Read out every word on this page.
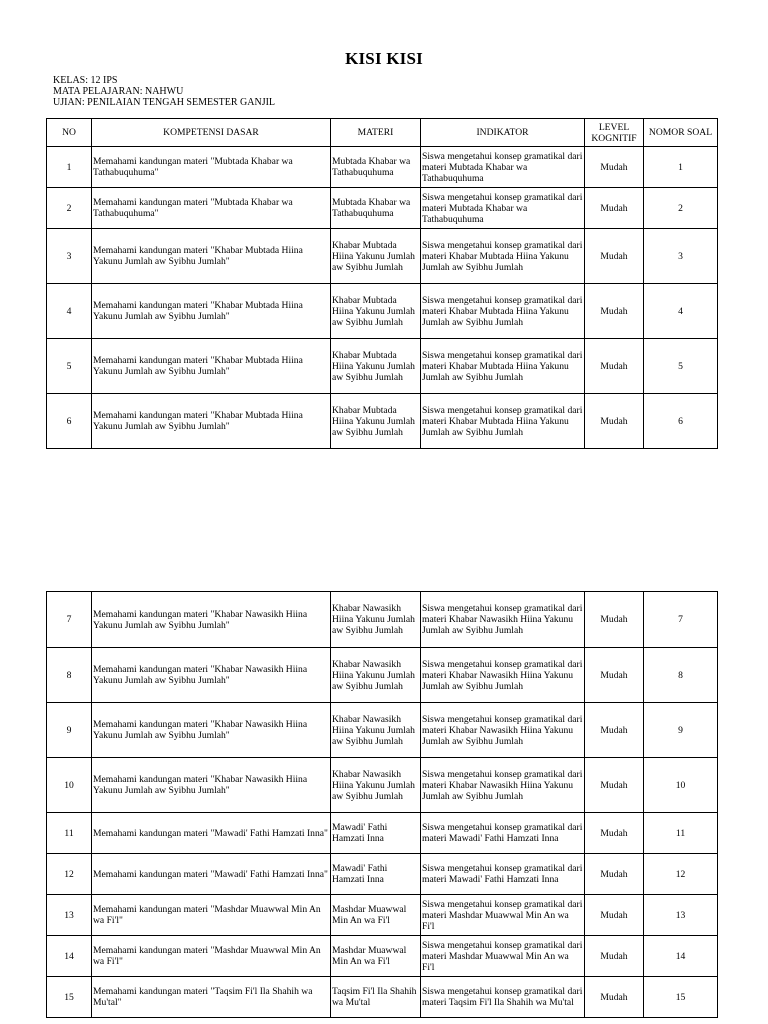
KISI KISI
KELAS: 12 IPS
MATA PELAJARAN: NAHWU
UJIAN: PENILAIAN TENGAH SEMESTER GANJIL
NO	KOMPETENSI DASAR	MATERI	INDIKATOR	LEVEL KOGNITIF	NOMOR SOAL
1	Memahami kandungan materi "Mubtada Khabar wa Tathabuquhuma"	Mubtada Khabar wa Tathabuquhuma	Siswa mengetahui konsep gramatikal dari materi Mubtada Khabar wa Tathabuquhuma	Mudah	1
2	Memahami kandungan materi "Mubtada Khabar wa Tathabuquhuma"	Mubtada Khabar wa Tathabuquhuma	Siswa mengetahui konsep gramatikal dari materi Mubtada Khabar wa Tathabuquhuma	Mudah	2
3	Memahami kandungan materi "Khabar Mubtada Hiina Yakunu Jumlah aw Syibhu Jumlah"	Khabar Mubtada Hiina Yakunu Jumlah aw Syibhu Jumlah	Siswa mengetahui konsep gramatikal dari materi Khabar Mubtada Hiina Yakunu Jumlah aw Syibhu Jumlah	Mudah	3
4	Memahami kandungan materi "Khabar Mubtada Hiina Yakunu Jumlah aw Syibhu Jumlah"	Khabar Mubtada Hiina Yakunu Jumlah aw Syibhu Jumlah	Siswa mengetahui konsep gramatikal dari materi Khabar Mubtada Hiina Yakunu Jumlah aw Syibhu Jumlah	Mudah	4
5	Memahami kandungan materi "Khabar Mubtada Hiina Yakunu Jumlah aw Syibhu Jumlah"	Khabar Mubtada Hiina Yakunu Jumlah aw Syibhu Jumlah	Siswa mengetahui konsep gramatikal dari materi Khabar Mubtada Hiina Yakunu Jumlah aw Syibhu Jumlah	Mudah	5
6	Memahami kandungan materi "Khabar Mubtada Hiina Yakunu Jumlah aw Syibhu Jumlah"	Khabar Mubtada Hiina Yakunu Jumlah aw Syibhu Jumlah	Siswa mengetahui konsep gramatikal dari materi Khabar Mubtada Hiina Yakunu Jumlah aw Syibhu Jumlah	Mudah	6
7	Memahami kandungan materi "Khabar Nawasikh Hiina Yakunu Jumlah aw Syibhu Jumlah"	Khabar Nawasikh Hiina Yakunu Jumlah aw Syibhu Jumlah	Siswa mengetahui konsep gramatikal dari materi Khabar Nawasikh Hiina Yakunu Jumlah aw Syibhu Jumlah	Mudah	7
8	Memahami kandungan materi "Khabar Nawasikh Hiina Yakunu Jumlah aw Syibhu Jumlah"	Khabar Nawasikh Hiina Yakunu Jumlah aw Syibhu Jumlah	Siswa mengetahui konsep gramatikal dari materi Khabar Nawasikh Hiina Yakunu Jumlah aw Syibhu Jumlah	Mudah	8
9	Memahami kandungan materi "Khabar Nawasikh Hiina Yakunu Jumlah aw Syibhu Jumlah"	Khabar Nawasikh Hiina Yakunu Jumlah aw Syibhu Jumlah	Siswa mengetahui konsep gramatikal dari materi Khabar Nawasikh Hiina Yakunu Jumlah aw Syibhu Jumlah	Mudah	9
10	Memahami kandungan materi "Khabar Nawasikh Hiina Yakunu Jumlah aw Syibhu Jumlah"	Khabar Nawasikh Hiina Yakunu Jumlah aw Syibhu Jumlah	Siswa mengetahui konsep gramatikal dari materi Khabar Nawasikh Hiina Yakunu Jumlah aw Syibhu Jumlah	Mudah	10
11	Memahami kandungan materi "Mawadi' Fathi Hamzati Inna"	Mawadi' Fathi Hamzati Inna	Siswa mengetahui konsep gramatikal dari materi Mawadi' Fathi Hamzati Inna	Mudah	11
12	Memahami kandungan materi "Mawadi' Fathi Hamzati Inna"	Mawadi' Fathi Hamzati Inna	Siswa mengetahui konsep gramatikal dari materi Mawadi' Fathi Hamzati Inna	Mudah	12
13	Memahami kandungan materi "Mashdar Muawwal Min An wa Fi'l"	Mashdar Muawwal Min An wa Fi'l	Siswa mengetahui konsep gramatikal dari materi Mashdar Muawwal Min An wa Fi'l	Mudah	13
14	Memahami kandungan materi "Mashdar Muawwal Min An wa Fi'l"	Mashdar Muawwal Min An wa Fi'l	Siswa mengetahui konsep gramatikal dari materi Mashdar Muawwal Min An wa Fi'l	Mudah	14
15	Memahami kandungan materi "Taqsim Fi'l Ila Shahih wa Mu'tal"	Taqsim Fi'l Ila Shahih wa Mu'tal	Siswa mengetahui konsep gramatikal dari materi Taqsim Fi'l Ila Shahih wa Mu'tal	Mudah	15
